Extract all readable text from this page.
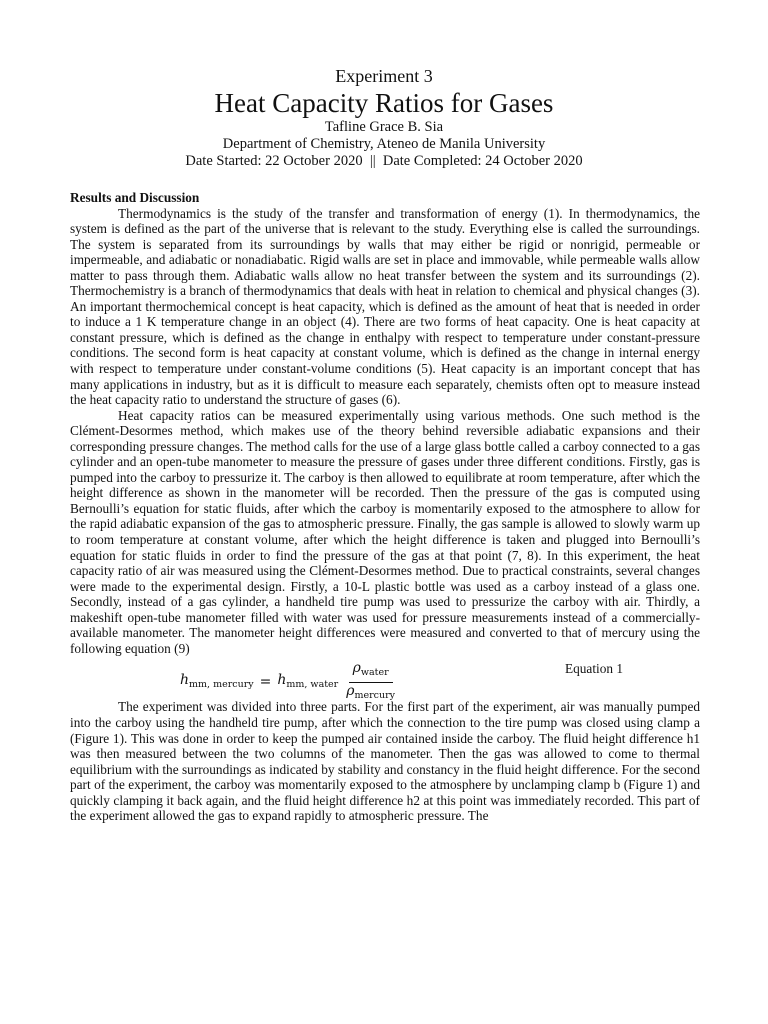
Experiment 3
Heat Capacity Ratios for Gases
Tafline Grace B. Sia
Department of Chemistry, Ateneo de Manila University
Date Started: 22 October 2020  ||  Date Completed: 24 October 2020
Results and Discussion

Thermodynamics is the study of the transfer and transformation of energy (1). In thermodynamics, the system is defined as the part of the universe that is relevant to the study. Everything else is called the surroundings. The system is separated from its surroundings by walls that may either be rigid or nonrigid, permeable or impermeable, and adiabatic or nonadiabatic. Rigid walls are set in place and immovable, while permeable walls allow matter to pass through them. Adiabatic walls allow no heat transfer between the system and its surroundings (2). Thermochemistry is a branch of thermodynamics that deals with heat in relation to chemical and physical changes (3). An important thermochemical concept is heat capacity, which is defined as the amount of heat that is needed in order to induce a 1 K temperature change in an object (4). There are two forms of heat capacity. One is heat capacity at constant pressure, which is defined as the change in enthalpy with respect to temperature under constant-pressure conditions. The second form is heat capacity at constant volume, which is defined as the change in internal energy with respect to temperature under constant-volume conditions (5). Heat capacity is an important concept that has many applications in industry, but as it is difficult to measure each separately, chemists often opt to measure instead the heat capacity ratio to understand the structure of gases (6).

Heat capacity ratios can be measured experimentally using various methods. One such method is the Clément-Desormes method, which makes use of the theory behind reversible adiabatic expansions and their corresponding pressure changes. The method calls for the use of a large glass bottle called a carboy connected to a gas cylinder and an open-tube manometer to measure the pressure of gases under three different conditions. Firstly, gas is pumped into the carboy to pressurize it. The carboy is then allowed to equilibrate at room temperature, after which the height difference as shown in the manometer will be recorded. Then the pressure of the gas is computed using Bernoulli’s equation for static fluids, after which the carboy is momentarily exposed to the atmosphere to allow for the rapid adiabatic expansion of the gas to atmospheric pressure. Finally, the gas sample is allowed to slowly warm up to room temperature at constant volume, after which the height difference is taken and plugged into Bernoulli’s equation for static fluids in order to find the pressure of the gas at that point (7, 8). In this experiment, the heat capacity ratio of air was measured using the Clément-Desormes method. Due to practical constraints, several changes were made to the experimental design. Firstly, a 10-L plastic bottle was used as a carboy instead of a glass one. Secondly, instead of a gas cylinder, a handheld tire pump was used to pressurize the carboy with air. Thirdly, a makeshift open-tube manometer filled with water was used for pressure measurements instead of a commercially-available manometer. The manometer height differences were measured and converted to that of mercury using the following equation (9)

$h_{mm, mercury} = h_{mm, water} \frac{\rho_{water}}{\rho_{mercury}}$	Equation 1

The experiment was divided into three parts. For the first part of the experiment, air was manually pumped into the carboy using the handheld tire pump, after which the connection to the tire pump was closed using clamp a (Figure 1). This was done in order to keep the pumped air contained inside the carboy. The fluid height difference h1 was then measured between the two columns of the manometer. Then the gas was allowed to come to thermal equilibrium with the surroundings as indicated by stability and constancy in the fluid height difference. For the second part of the experiment, the carboy was momentarily exposed to the atmosphere by unclamping clamp b (Figure 1) and quickly clamping it back again, and the fluid height difference h2 at this point was immediately recorded. This part of the experiment allowed the gas to expand rapidly to atmospheric pressure. The
